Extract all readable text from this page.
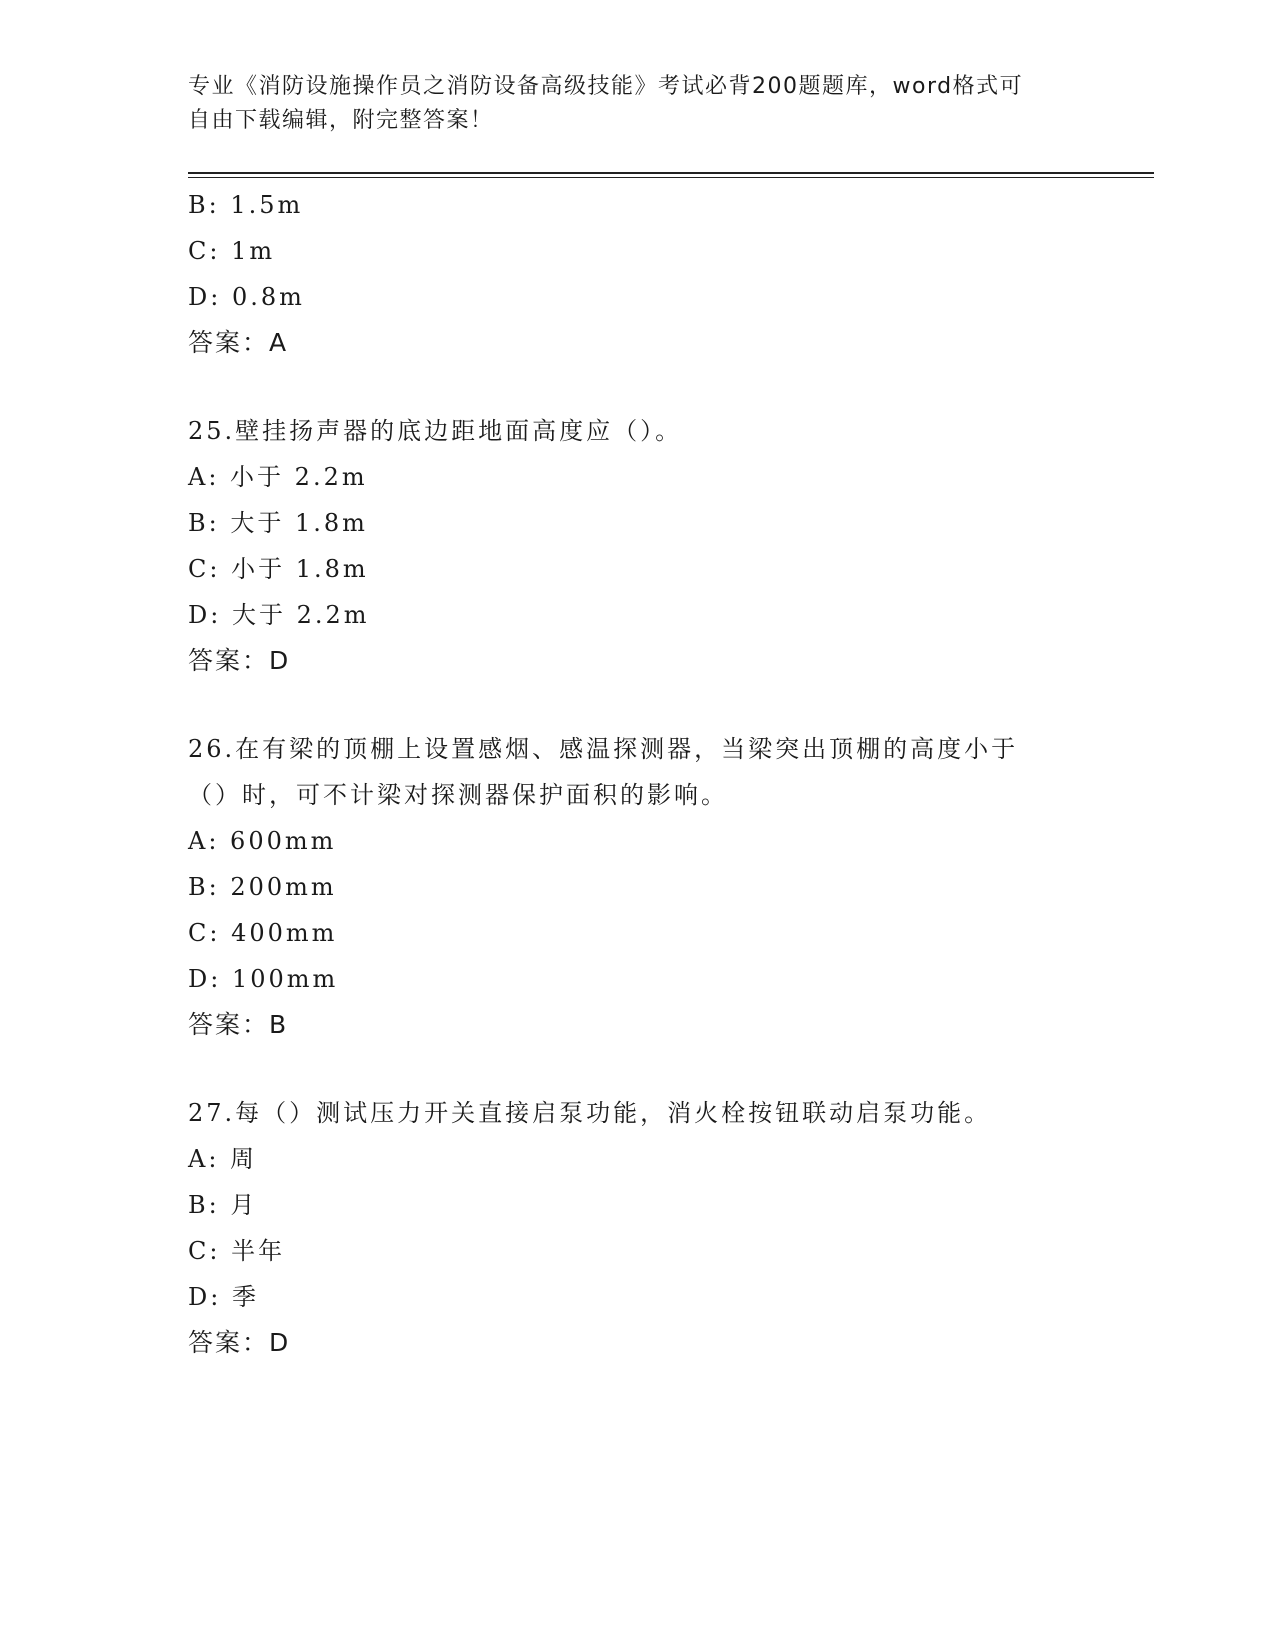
专业《消防设施操作员之消防设备高级技能》考试必背200题题库，word格式可
自由下载编辑，附完整答案！
B: 1.5m
C: 1m
D: 0.8m
答案：A
25.壁挂扬声器的底边距地面高度应（）。
A: 小于 2.2m
B: 大于 1.8m
C: 小于 1.8m
D: 大于 2.2m
答案：D
26.在有梁的顶棚上设置感烟、感温探测器，当梁突出顶棚的高度小于
（）时，可不计梁对探测器保护面积的影响。
A: 600mm
B: 200mm
C: 400mm
D: 100mm
答案：B
27.每（）测试压力开关直接启泵功能，消火栓按钮联动启泵功能。
A: 周
B: 月
C: 半年
D: 季
答案：D
